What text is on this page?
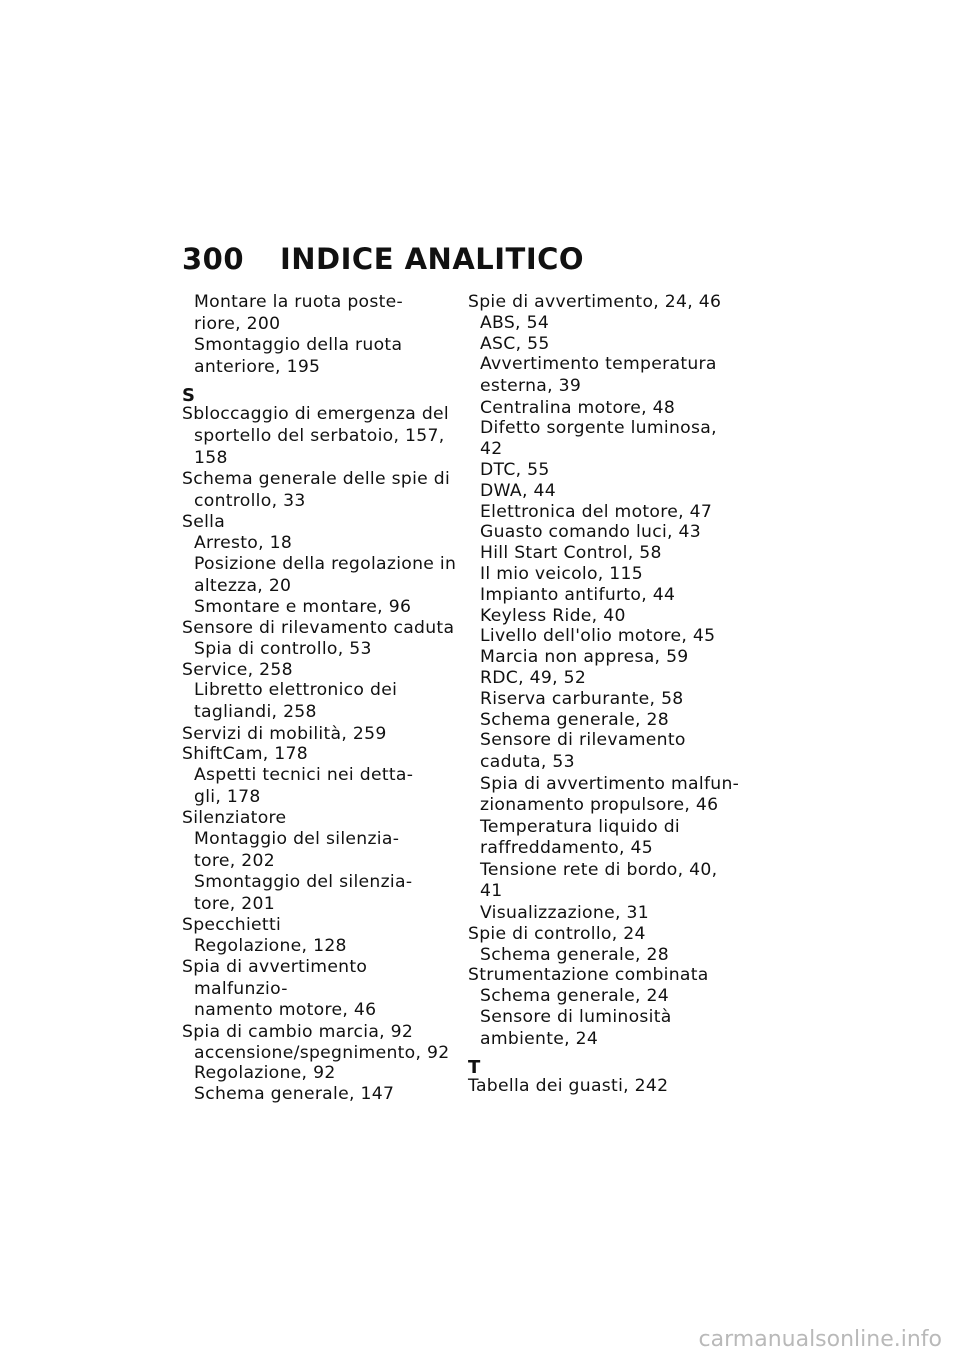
300 INDICE ANALITICO
Montare la ruota poste-
riore, 200
Smontaggio della ruota
anteriore, 195
S
Sbloccaggio di emergenza del
sportello del serbatoio, 157,
158
Schema generale delle spie di
controllo, 33
Sella
Arresto, 18
Posizione della regolazione in
altezza, 20
Smontare e montare, 96
Sensore di rilevamento caduta
Spia di controllo, 53
Service, 258
Libretto elettronico dei
tagliandi, 258
Servizi di mobilità, 259
ShiftCam, 178
Aspetti tecnici nei detta-
gli, 178
Silenziatore
Montaggio del silenzia-
tore, 202
Smontaggio del silenzia-
tore, 201
Specchietti
Regolazione, 128
Spia di avvertimento malfunzio-
namento motore, 46
Spia di cambio marcia, 92
accensione/spegnimento, 92
Regolazione, 92
Schema generale, 147
Spie di avvertimento, 24, 46
ABS, 54
ASC, 55
Avvertimento temperatura
esterna, 39
Centralina motore, 48
Difetto sorgente luminosa, 42
DTC, 55
DWA, 44
Elettronica del motore, 47
Guasto comando luci, 43
Hill Start Control, 58
Il mio veicolo, 115
Impianto antifurto, 44
Keyless Ride, 40
Livello dell'olio motore, 45
Marcia non appresa, 59
RDC, 49, 52
Riserva carburante, 58
Schema generale, 28
Sensore di rilevamento
caduta, 53
Spia di avvertimento malfun-
zionamento propulsore, 46
Temperatura liquido di
raffreddamento, 45
Tensione rete di bordo, 40,
41
Visualizzazione, 31
Spie di controllo, 24
Schema generale, 28
Strumentazione combinata
Schema generale, 24
Sensore di luminosità
ambiente, 24
T
Tabella dei guasti, 242
carmanualsonline.info
